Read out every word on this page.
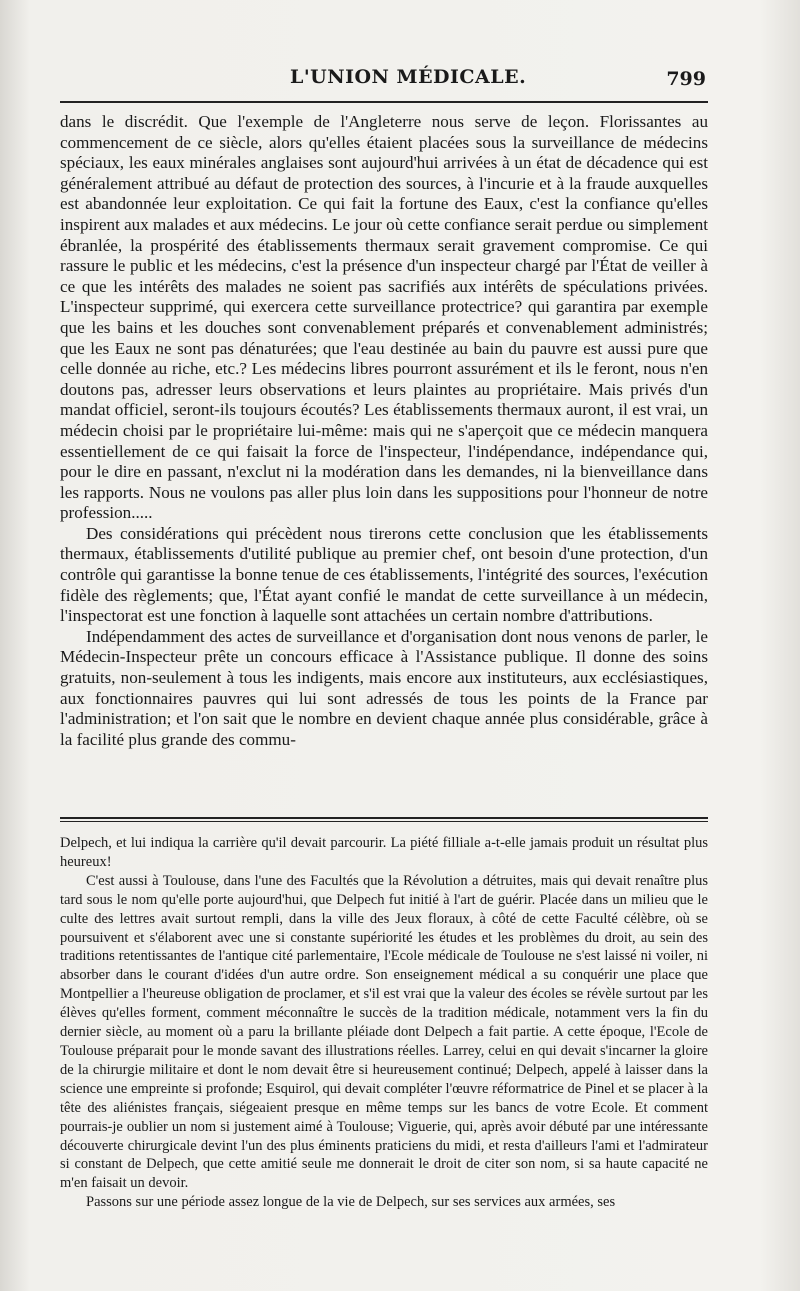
L'UNION MÉDICALE.	799

dans le discrédit. Que l'exemple de l'Angleterre nous serve de leçon. Florissantes au commencement de ce siècle, alors qu'elles étaient placées sous la surveillance de médecins spéciaux, les eaux minérales anglaises sont aujourd'hui arrivées à un état de décadence qui est généralement attribué au défaut de protection des sources, à l'incurie et à la fraude auxquelles est abandonnée leur exploitation. Ce qui fait la fortune des Eaux, c'est la confiance qu'elles inspirent aux malades et aux médecins. Le jour où cette confiance serait perdue ou simplement ébranlée, la prospérité des établissements thermaux serait gravement compromise. Ce qui rassure le public et les médecins, c'est la présence d'un inspecteur chargé par l'État de veiller à ce que les intérêts des malades ne soient pas sacrifiés aux intérêts de spéculations privées. L'inspecteur supprimé, qui exercera cette surveillance protectrice? qui garantira par exemple que les bains et les douches sont convenablement préparés et convenablement administrés; que les Eaux ne sont pas dénaturées; que l'eau destinée au bain du pauvre est aussi pure que celle donnée au riche, etc.? Les médecins libres pourront assurément et ils le feront, nous n'en doutons pas, adresser leurs observations et leurs plaintes au propriétaire. Mais privés d'un mandat officiel, seront-ils toujours écoutés? Les établissements thermaux auront, il est vrai, un médecin choisi par le propriétaire lui-même: mais qui ne s'aperçoit que ce médecin manquera essentiellement de ce qui faisait la force de l'inspecteur, l'indépendance, indépendance qui, pour le dire en passant, n'exclut ni la modération dans les demandes, ni la bienveillance dans les rapports. Nous ne voulons pas aller plus loin dans les suppositions pour l'honneur de notre profession.....

Des considérations qui précèdent nous tirerons cette conclusion que les établissements thermaux, établissements d'utilité publique au premier chef, ont besoin d'une protection, d'un contrôle qui garantisse la bonne tenue de ces établissements, l'intégrité des sources, l'exécution fidèle des règlements; que, l'État ayant confié le mandat de cette surveillance à un médecin, l'inspectorat est une fonction à laquelle sont attachées un certain nombre d'attributions.

Indépendamment des actes de surveillance et d'organisation dont nous venons de parler, le Médecin-Inspecteur prête un concours efficace à l'Assistance publique. Il donne des soins gratuits, non-seulement à tous les indigents, mais encore aux instituteurs, aux ecclésiastiques, aux fonctionnaires pauvres qui lui sont adressés de tous les points de la France par l'administration; et l'on sait que le nombre en devient chaque année plus considérable, grâce à la facilité plus grande des commu-

Delpech, et lui indiqua la carrière qu'il devait parcourir. La piété filliale a-t-elle jamais produit un résultat plus heureux!

C'est aussi à Toulouse, dans l'une des Facultés que la Révolution a détruites, mais qui devait renaître plus tard sous le nom qu'elle porte aujourd'hui, que Delpech fut initié à l'art de guérir. Placée dans un milieu que le culte des lettres avait surtout rempli, dans la ville des Jeux floraux, à côté de cette Faculté célèbre, où se poursuivent et s'élaborent avec une si constante supériorité les études et les problèmes du droit, au sein des traditions retentissantes de l'antique cité parlementaire, l'Ecole médicale de Toulouse ne s'est laissé ni voiler, ni absorber dans le courant d'idées d'un autre ordre. Son enseignement médical a su conquérir une place que Montpellier a l'heureuse obligation de proclamer, et s'il est vrai que la valeur des écoles se révèle surtout par les élèves qu'elles forment, comment méconnaître le succès de la tradition médicale, notamment vers la fin du dernier siècle, au moment où a paru la brillante pléiade dont Delpech a fait partie. A cette époque, l'Ecole de Toulouse préparait pour le monde savant des illustrations réelles. Larrey, celui en qui devait s'incarner la gloire de la chirurgie militaire et dont le nom devait être si heureusement continué; Delpech, appelé à laisser dans la science une empreinte si profonde; Esquirol, qui devait compléter l'œuvre réformatrice de Pinel et se placer à la tête des aliénistes français, siégeaient presque en même temps sur les bancs de votre Ecole. Et comment pourrais-je oublier un nom si justement aimé à Toulouse; Viguerie, qui, après avoir débuté par une intéressante découverte chirurgicale devint l'un des plus éminents praticiens du midi, et resta d'ailleurs l'ami et l'admirateur si constant de Delpech, que cette amitié seule me donnerait le droit de citer son nom, si sa haute capacité ne m'en faisait un devoir.

Passons sur une période assez longue de la vie de Delpech, sur ses services aux armées, ses
